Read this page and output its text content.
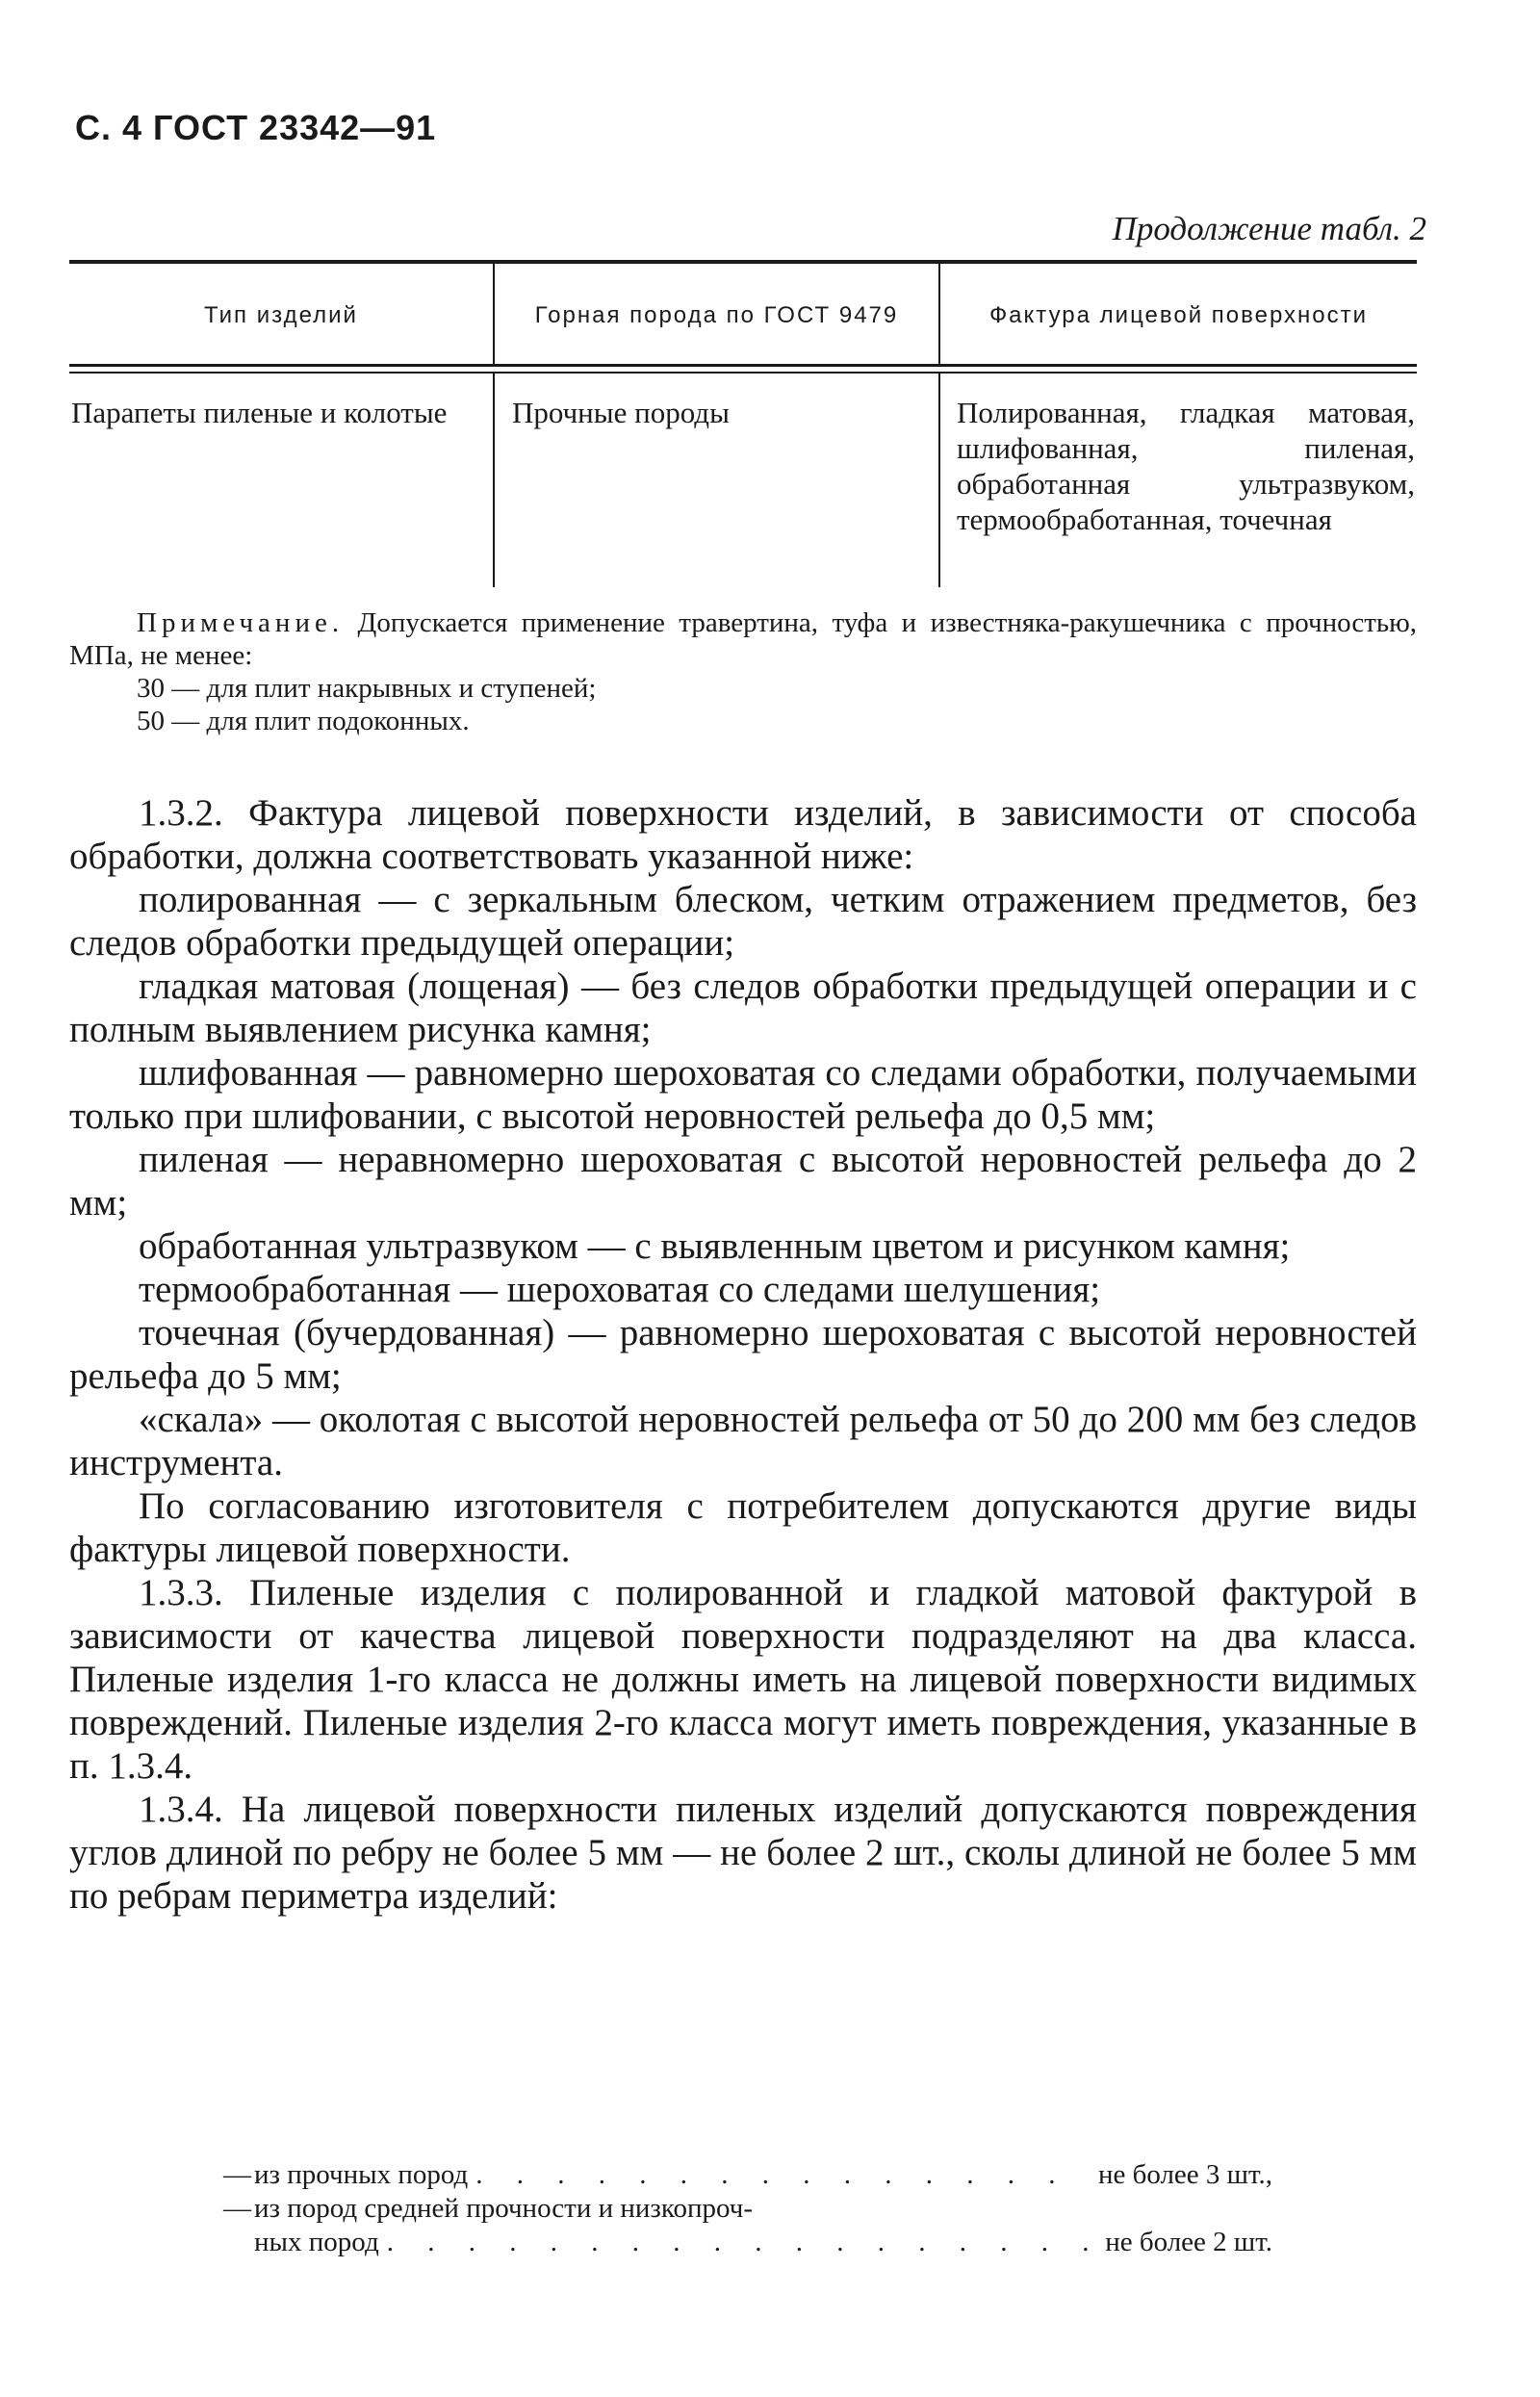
С. 4 ГОСТ 23342—91
Продолжение табл. 2
Тип изделий	Горная порода по ГОСТ 9479	Фактура лицевой поверхности
Парапеты пиленые и колотые	Прочные породы	Полированная, гладкая матовая, шлифованная, пиленая, обработанная ультразвуком, термообработанная, точечная
Примечание. Допускается применение травертина, туфа и известняка-ракушечника с прочностью, МПа, не менее:
30 — для плит накрывных и ступеней;
50 — для плит подоконных.

1.3.2. Фактура лицевой поверхности изделий, в зависимости от способа обработки, должна соответствовать указанной ниже:

полированная — с зеркальным блеском, четким отражением предметов, без следов обработки предыдущей операции;

гладкая матовая (лощеная) — без следов обработки предыдущей операции и с полным выявлением рисунка камня;

шлифованная — равномерно шероховатая со следами обработки, получаемыми только при шлифовании, с высотой неровностей рельефа до 0,5 мм;

пиленая — неравномерно шероховатая с высотой неровностей рельефа до 2 мм;

обработанная ультразвуком — с выявленным цветом и рисунком камня;

термообработанная — шероховатая со следами шелушения;

точечная (бучердованная) — равномерно шероховатая с высотой неровностей рельефа до 5 мм;

«скала» — околотая с высотой неровностей рельефа от 50 до 200 мм без следов инструмента.

По согласованию изготовителя с потребителем допускаются другие виды фактуры лицевой поверхности.

1.3.3. Пиленые изделия с полированной и гладкой матовой фактурой в зависимости от качества лицевой поверхности подразделяют на два класса. Пиленые изделия 1-го класса не должны иметь на лицевой поверхности видимых повреждений. Пиленые изделия 2-го класса могут иметь повреждения, указанные в п. 1.3.4.

1.3.4. На лицевой поверхности пиленых изделий допускаются повреждения углов длиной по ребру не более 5 мм — не более 2 шт., сколы длиной не более 5 мм по ребрам периметра изделий:

— из прочных пород . . .	не более 3 шт.,
— из пород средней прочности и низкопроч-
ных пород . . .	не более 2 шт.
